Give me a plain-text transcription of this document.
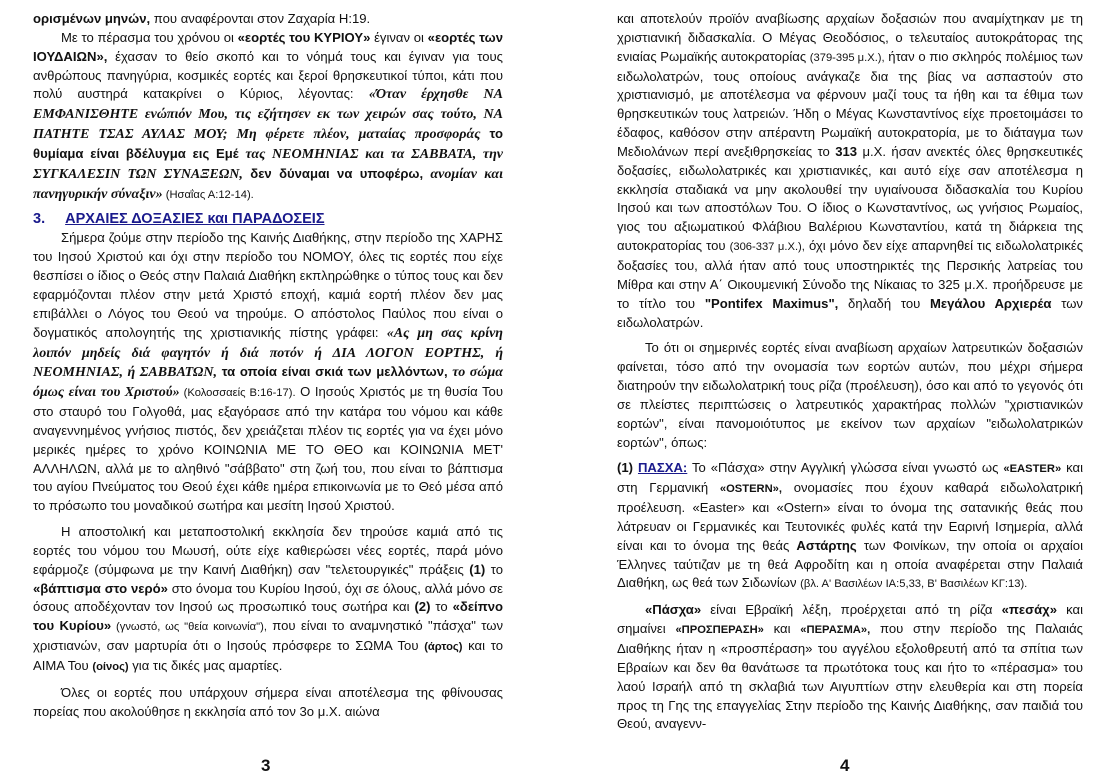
ορισμένων μηνών, που αναφέρονται στον Ζαχαρία Η:19.

Με το πέρασμα του χρόνου οι «εορτές του ΚΥΡΙΟΥ» έγιναν οι «εορτές των ΙΟΥΔΑΙΩΝ», έχασαν το θείο σκοπό και το νόημά τους και έγιναν για τους ανθρώπους πανηγύρια, κοσμικές εορτές και ξεροί θρησκευτικοί τύποι, κάτι που πολύ αυστηρά κατακρίνει ο Κύριος, λέγοντας: «Όταν έρχησθε ΝΑ ΕΜΦΑΝΙΣΘΗΤΕ ενώπιόν Μου, τις εζήτησεν εκ των χειρών σας τούτο, ΝΑ ΠΑΤΗΤΕ ΤΣΑΣ ΑΥΛΑΣ ΜΟΥ; Μη φέρετε πλέον, ματαίας προσφοράς το θυμίαμα είναι βδέλυγμα εις Εμέ τας ΝΕΟΜΗΝΙΑΣ και τα ΣΑΒΒΑΤΑ, την ΣΥΓΚΑΛΕΣΙΝ ΤΩΝ ΣΥΝΑΞΕΩΝ, δεν δύναμαι να υποφέρω, ανομίαν και πανηγυρικήν σύναξιν» (Ησαΐας Α:12-14).

3. ΑΡΧΑΙΕΣ ΔΟΞΑΣΙΕΣ και ΠΑΡΑΔΟΣΕΙΣ

Σήμερα ζούμε στην περίοδο της Καινής Διαθήκης, στην περίοδο της ΧΑΡΗΣ του Ιησού Χριστού και όχι στην περίοδο του ΝΟΜΟΥ, όλες τις εορτές που είχε θεσπίσει ο ίδιος ο Θεός στην Παλαιά Διαθήκη εκπληρώθηκε ο τύπος τους και δεν εφαρμόζονται πλέον στην μετά Χριστό εποχή, καμιά εορτή πλέον δεν μας επιβάλλει ο Λόγος του Θεού να τηρούμε. Ο απόστολος Παύλος που είναι ο δογματικός απολογητής της χριστιανικής πίστης γράφει: «Ας μη σας κρίνη λοιπόν μηδείς διά φαγητόν ή διά ποτόν ή ΔΙΑ ΛΟΓΟΝ ΕΟΡΤΗΣ, ή ΝΕΟΜΗΝΙΑΣ, ή ΣΑΒΒΑΤΩΝ, τα οποία είναι σκιά των μελλόντων, το σώμα όμως είναι του Χριστού» (Κολοσσαείς Β:16-17). Ο Ιησούς Χριστός με τη θυσία Του στο σταυρό του Γολγοθά, μας εξαγόρασε από την κατάρα του νόμου και κάθε αναγεννημένος γνήσιος πιστός, δεν χρειάζεται πλέον τις εορτές για να έχει μόνο μερικές ημέρες το χρόνο ΚΟΙΝΩΝΙΑ ΜΕ ΤΟ ΘΕΟ και ΚΟΙΝΩΝΙΑ ΜΕΤ' ΑΛΛΗΛΩΝ, αλλά με το αληθινό "σάββατο" στη ζωή του, που είναι το βάπτισμα του αγίου Πνεύματος του Θεού έχει κάθε ημέρα επικοινωνία με το Θεό μέσα από το πρόσωπο του μοναδικού σωτήρα και μεσίτη Ιησού Χριστού.

Η αποστολική και μεταποστολική εκκλησία δεν τηρούσε καμιά από τις εορτές του νόμου του Μωυσή, ούτε είχε καθιερώσει νέες εορτές, παρά μόνο εφάρμοζε (σύμφωνα με την Καινή Διαθήκη) σαν "τελετουργικές" πράξεις (1) το «βάπτισμα στο νερό» στο όνομα του Κυρίου Ιησού, όχι σε όλους, αλλά μόνο σε όσους αποδέχονταν τον Ιησού ως προσωπικό τους σωτήρα και (2) το «δείπνο του Κυρίου» (γνωστό, ως "θεία κοινωνία"), που είναι το αναμνηστικό "πάσχα" των χριστιανών, σαν μαρτυρία ότι ο Ιησούς πρόσφερε το ΣΩΜΑ Του (άρτος) και το ΑΙΜΑ Του (οίνος) για τις δικές μας αμαρτίες.

Όλες οι εορτές που υπάρχουν σήμερα είναι αποτέλεσμα της φθίνουσας πορείας που ακολούθησε η εκκλησία από τον 3ο μ.Χ. αιώνα

3

και αποτελούν προϊόν αναβίωσης αρχαίων δοξασιών που αναμίχτηκαν με τη χριστιανική διδασκαλία. Ο Μέγας Θεοδόσιος, ο τελευταίος αυτοκράτορας της ενιαίας Ρωμαϊκής αυτοκρατορίας (379-395 μ.Χ.), ήταν ο πιο σκληρός πολέμιος των ειδωλολατρών, τους οποίους ανάγκαζε δια της βίας να ασπαστούν στο χριστιανισμό, με αποτέλεσμα να φέρνουν μαζί τους τα ήθη και τα έθιμα των θρησκευτικών τους λατρειών. Ήδη ο Μέγας Κωνσταντίνος είχε προετοιμάσει το έδαφος, καθόσον στην απέραντη Ρωμαϊκή αυτοκρατορία, με το διάταγμα των Μεδιολάνων περί ανεξιθρησκείας το 313 μ.Χ. ήσαν ανεκτές όλες θρησκευτικές δοξασίες, ειδωλολατρικές και χριστιανικές, και αυτό είχε σαν αποτέλεσμα η εκκλησία σταδιακά να μην ακολουθεί την υγιαίνουσα διδασκαλία του Κυρίου Ιησού και των αποστόλων Του. Ο ίδιος ο Κωνσταντίνος, ως γνήσιος Ρωμαίος, γιος του αξιωματικού Φλάβιου Βαλέριου Κωνσταντίου, κατά τη διάρκεια της αυτοκρατορίας του (306-337 μ.Χ.), όχι μόνο δεν είχε απαρνηθεί τις ειδωλολατρικές δοξασίες του, αλλά ήταν από τους υποστηρικτές της Περσικής λατρείας του Μίθρα και στην Α΄ Οικουμενική Σύνοδο της Νίκαιας το 325 μ.Χ. προήδρευσε με το τίτλο του "Pontifex Maximus", δηλαδή του Μεγάλου Αρχιερέα των ειδωλολατρών.

Το ότι οι σημερινές εορτές είναι αναβίωση αρχαίων λατρευτικών δοξασιών φαίνεται, τόσο από την ονομασία των εορτών αυτών, που μέχρι σήμερα διατηρούν την ειδωλολατρική τους ρίζα (προέλευση), όσο και από το γεγονός ότι σε πλείστες περιπτώσεις ο λατρευτικός χαρακτήρας πολλών "χριστιανικών εορτών", είναι πανομοιότυπος με εκείνον των αρχαίων "ειδωλολατρικών εορτών", όπως:

(1) ΠΑΣΧΑ: Το «Πάσχα» στην Αγγλική γλώσσα είναι γνωστό ως «EASTER» και στη Γερμανική «OSTERN», ονομασίες που έχουν καθαρά ειδωλολατρική προέλευση. «Easter» και «Ostern» είναι το όνομα της σατανικής θεάς που λάτρευαν οι Γερμανικές και Τευτονικές φυλές κατά την Εαρινή Ισημερία, αλλά είναι και το όνομα της θεάς Αστάρτης των Φοινίκων, την οποία οι αρχαίοι Έλληνες ταύτιζαν με τη θεά Αφροδίτη και η οποία αναφέρεται στην Παλαιά Διαθήκη, ως θεά των Σιδωνίων (βλ. Α' Βασιλέων ΙΑ:5,33, Β' Βασιλέων ΚΓ:13).

«Πάσχα» είναι Εβραϊκή λέξη, προέρχεται από τη ρίζα «πεσάχ» και σημαίνει «ΠΡΟΣΠΕΡΑΣΗ» και «ΠΕΡΑΣΜΑ», που στην περίοδο της Παλαιάς Διαθήκης ήταν η «προσπέραση» του αγγέλου εξολοθρευτή από τα σπίτια των Εβραίων και δεν θα θανάτωσε τα πρωτότοκα τους και ήτο το «πέρασμα» του λαού Ισραήλ από τη σκλαβιά των Αιγυπτίων στην ελευθερία και στη πορεία προς τη Γης της επαγγελίας Στην περίοδο της Καινής Διαθήκης, σαν παιδιά του Θεού, αναγενν-

4
